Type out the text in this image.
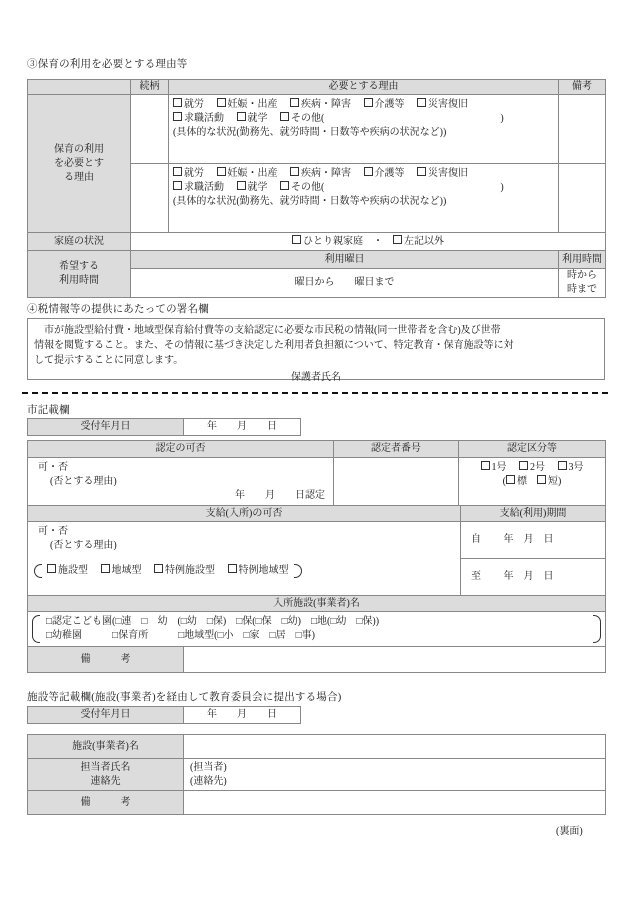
③保育の利用を必要とする理由等
	続柄	必要とする理由	備考

保育の利用
を必要とす
る理由		就労　 妊娠・出産　 疾病・障害　 介護等　 災害復旧
求職活動　 就学　 その他( )
(具体的な状況(勤務先、就労時間・日数等や疾病の状況など))	

		就労　 妊娠・出産　 疾病・障害　 介護等　 災害復旧
求職活動　 就学　 その他( )
(具体的な状況(勤務先、就労時間・日数等や疾病の状況など))	

家庭の状況	ひとり親家庭　 ・　 左記以外		

希望する
利用時間	利用曜日		利用時間
	曜日から　　曜日まで		時から　　　時まで
④税情報等の提供にあたっての署名欄

市が施設型給付費・地域型保育給付費等の支給認定に必要な市民税の情報(同一世帯者を含む)及び世帯

情報を閲覧すること。また、その情報に基づき決定した利用者負担額について、特定教育・保育施設等に対

して提示することに同意します。

保護者氏名

市記載欄
受付年月日	年　　月　　日
認定の可否	認定者番号	認定区分等

可・否
(否とする理由)
年　　月　　日認定		1号　 2号　 3号
( 標　 短)
支給(入所)の可否		支給(利用)期間

可・否
(否とする理由)

施設型　 地域型　 特例施設型　 特例地域型		自 年　月　日
		至 年　月　日
入所施設(事業者)名		

□認定こども園(□連　□　幼　(□幼　□保)　□保(□保　□幼)　□地(□幼　□保))
□幼稚園　　　□保育所　　　□地域型(□小　□家　□居　□事)		

備　　　考		
施設等記載欄(施設(事業者)を経由して教育委員会に提出する場合)
受付年月日	年　　月　　日
施設(事業者)名	

担当者氏名
連絡先	(担当者)
(連絡先)

備　　　考	
(裏面)
